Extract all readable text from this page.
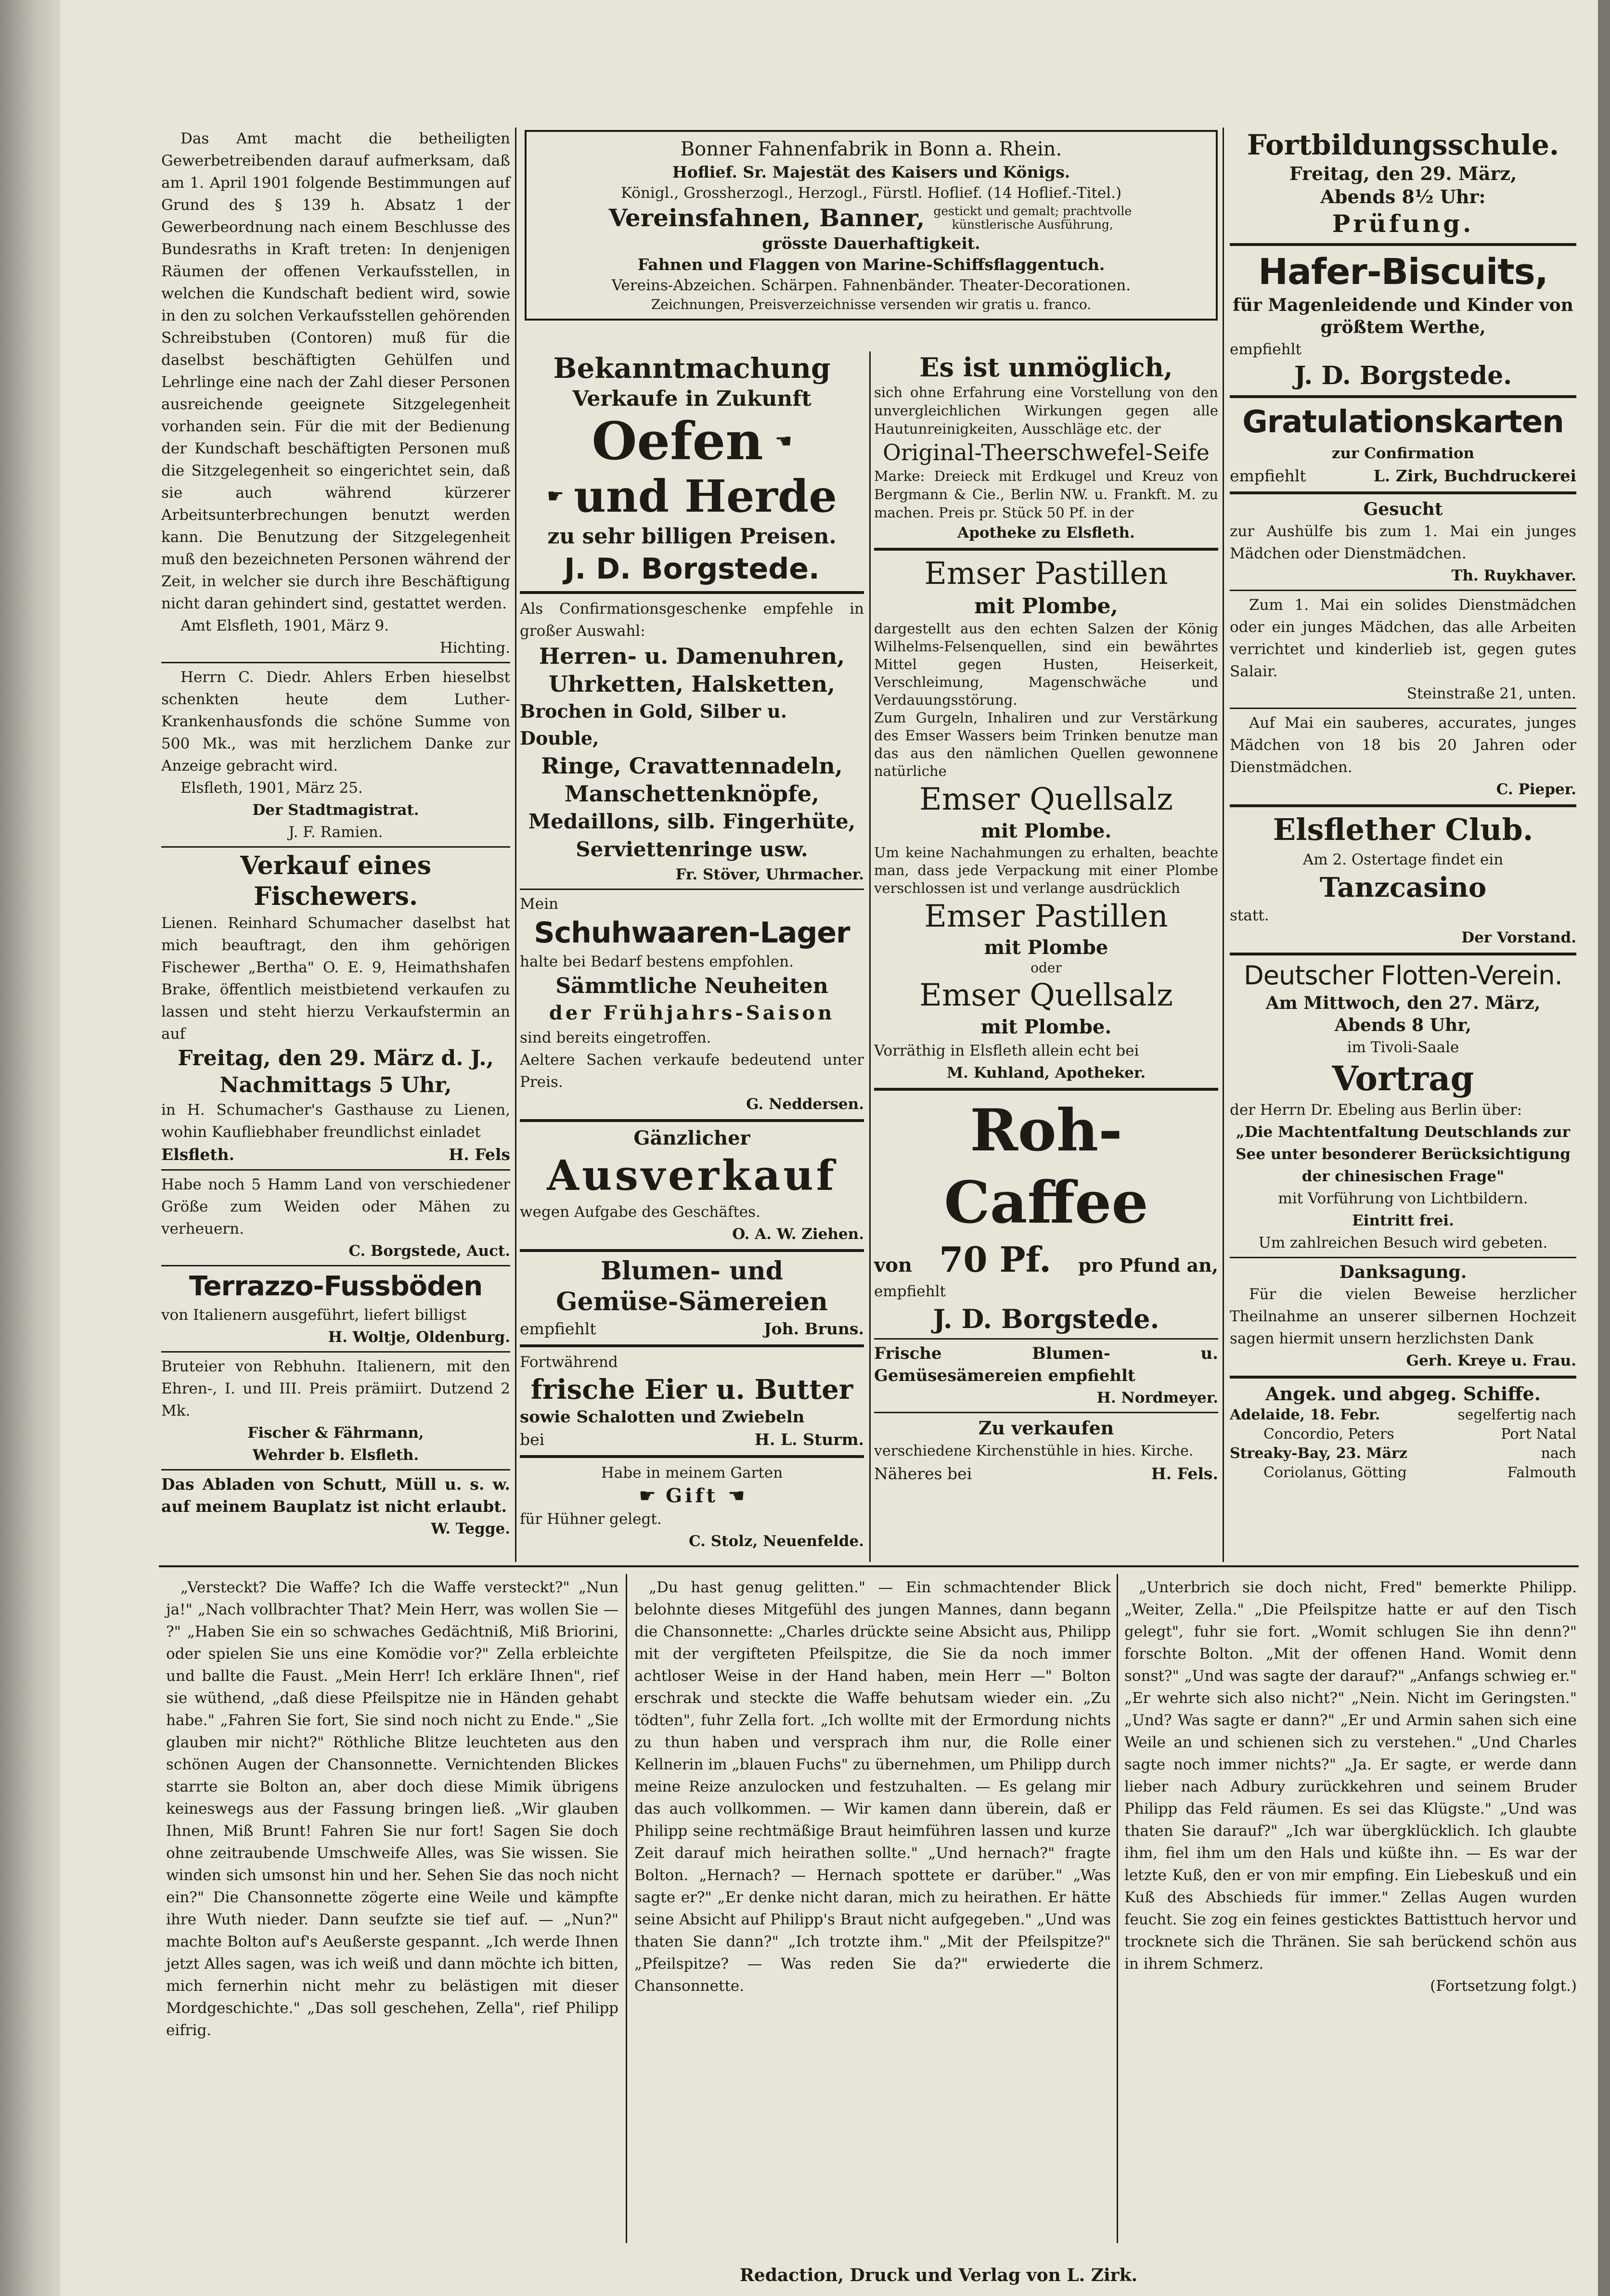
Das Amt macht die betheiligten Gewerbetreibenden darauf aufmerksam, daß am 1. April 1901 folgende Bestimmungen auf Grund des § 139 h. Absatz 1 der Gewerbeordnung nach einem Beschlusse des Bundesraths in Kraft treten: In denjenigen Räumen der offenen Verkaufsstellen, in welchen die Kundschaft bedient wird, sowie in den zu solchen Verkaufsstellen gehörenden Schreibstuben (Contoren) muß für die daselbst beschäftigten Gehülfen und Lehrlinge eine nach der Zahl dieser Personen ausreichende geeignete Sitzgelegenheit vorhanden sein. Für die mit der Bedienung der Kundschaft beschäftigten Personen muß die Sitzgelegenheit so eingerichtet sein, daß sie auch während kürzerer Arbeitsunterbrechungen benutzt werden kann. Die Benutzung der Sitzgelegenheit muß den bezeichneten Personen während der Zeit, in welcher sie durch ihre Beschäftigung nicht daran gehindert sind, gestattet werden.

Amt Elsfleth, 1901, März 9.

Hichting.

Herrn C. Diedr. Ahlers Erben hieselbst schenkten heute dem Luther-Krankenhausfonds die schöne Summe von 500 Mk., was mit herzlichem Danke zur Anzeige gebracht wird.

Elsfleth, 1901, März 25.

Der Stadtmagistrat.

J. F. Ramien.

Verkauf eines Fischewers.

Lienen. Reinhard Schumacher daselbst hat mich beauftragt, den ihm gehörigen Fischewer „Bertha" O. E. 9, Heimathshafen Brake, öffentlich meistbietend verkaufen zu lassen und steht hierzu Verkaufstermin an auf

Freitag, den 29. März d. J.,

Nachmittags 5 Uhr,

in H. Schumacher's Gasthause zu Lienen, wohin Kaufliebhaber freundlichst einladet

Elsfleth.	H. Fels

Habe noch 5 Hamm Land von verschiedener Größe zum Weiden oder Mähen zu verheuern.

C. Borgstede, Auct.

Terrazzo-Fussböden

von Italienern ausgeführt, liefert billigst

H. Woltje, Oldenburg.

Bruteier von Rebhuhn. Italienern, mit den Ehren-, I. und III. Preis prämiirt. Dutzend 2 Mk.

Fischer & Fährmann,

Wehrder b. Elsfleth.

Das Abladen von Schutt, Müll u. s. w. auf meinem Bauplatz ist nicht erlaubt.

W. Tegge.

Bonner Fahnenfabrik in Bonn a. Rhein.
Hoflief. Sr. Majestät des Kaisers und Königs.
Königl., Grossherzogl., Herzogl., Fürstl. Hoflief. (14 Hoflief.-Titel.)
Vereinsfahnen, Banner, gestickt und gemalt; prachtvolle künstlerische Ausführung,
grösste Dauerhaftigkeit.
Fahnen und Flaggen von Marine-Schiffsflaggentuch.
Vereins-Abzeichen. Schärpen. Fahnenbänder. Theater-Decorationen.
Zeichnungen, Preisverzeichnisse versenden wir gratis u. franco.

Bekanntmachung

Verkaufe in Zukunft

Oefen ☚
☛ und Herde

zu sehr billigen Preisen.

J. D. Borgstede.

Als Confirmationsgeschenke empfehle in großer Auswahl:

Herren- u. Damenuhren,

Uhrketten, Halsketten,

Brochen in Gold, Silber u. Double,

Ringe, Cravattennadeln,

Manschettenknöpfe,

Medaillons, silb. Fingerhüte,

Serviettenringe usw.

Fr. Stöver, Uhrmacher.

Mein

Schuhwaaren-Lager

halte bei Bedarf bestens empfohlen.

Sämmtliche Neuheiten

der Frühjahrs-Saison

sind bereits eingetroffen.

Aeltere Sachen verkaufe bedeutend unter Preis.

G. Neddersen.

Gänzlicher

Ausverkauf

wegen Aufgabe des Geschäftes.

O. A. W. Ziehen.

Blumen- und

Gemüse-Sämereien

empfiehlt	Joh. Bruns.

Fortwährend

frische Eier u. Butter

sowie Schalotten und Zwiebeln

bei	H. L. Sturm.

Habe in meinem Garten

☛ Gift ☚

für Hühner gelegt.

C. Stolz, Neuenfelde.

Es ist unmöglich,

sich ohne Erfahrung eine Vorstellung von den unvergleichlichen Wirkungen gegen alle Hautunreinigkeiten, Ausschläge etc. der

Original-Theerschwefel-Seife

Marke: Dreieck mit Erdkugel und Kreuz von Bergmann & Cie., Berlin NW. u. Frankft. M. zu machen. Preis pr. Stück 50 Pf. in der

Apotheke zu Elsfleth.

Emser Pastillen

mit Plombe,

dargestellt aus den echten Salzen der König Wilhelms-Felsenquellen, sind ein bewährtes Mittel gegen Husten, Heiserkeit, Verschleimung, Magenschwäche und Verdauungsstörung.

Zum Gurgeln, Inhaliren und zur Verstärkung des Emser Wassers beim Trinken benutze man das aus den nämlichen Quellen gewonnene natürliche

Emser Quellsalz

mit Plombe.

Um keine Nachahmungen zu erhalten, beachte man, dass jede Verpackung mit einer Plombe verschlossen ist und verlange ausdrücklich

Emser Pastillen

mit Plombe

oder

Emser Quellsalz

mit Plombe.

Vorräthig in Elsfleth allein echt bei

M. Kuhland, Apotheker.

Roh-Caffee

von 70 Pf. pro Pfund an,

empfiehlt

J. D. Borgstede.

Frische Blumen- u. Gemüsesämereien empfiehlt

H. Nordmeyer.

Zu verkaufen

verschiedene Kirchenstühle in hies. Kirche.

Näheres bei	H. Fels.

Fortbildungsschule.

Freitag, den 29. März,

Abends 8½ Uhr:

Prüfung.

Hafer-Biscuits,

für Magenleidende und Kinder von größtem Werthe,

empfiehlt

J. D. Borgstede.

Gratulationskarten

zur Confirmation

empfiehlt	L. Zirk, Buchdruckerei

Gesucht

zur Aushülfe bis zum 1. Mai ein junges Mädchen oder Dienstmädchen.

Th. Ruykhaver.

Zum 1. Mai ein solides Dienstmädchen oder ein junges Mädchen, das alle Arbeiten verrichtet und kinderlieb ist, gegen gutes Salair.

Steinstraße 21, unten.

Auf Mai ein sauberes, accurates, junges Mädchen von 18 bis 20 Jahren oder Dienstmädchen.

C. Pieper.

Elsflether Club.

Am 2. Ostertage findet ein

Tanzcasino

statt.

Der Vorstand.

Deutscher Flotten-Verein.

Am Mittwoch, den 27. März,

Abends 8 Uhr,

im Tivoli-Saale

Vortrag

der Herrn Dr. Ebeling aus Berlin über:

„Die Machtentfaltung Deutschlands zur See unter besonderer Berücksichtigung der chinesischen Frage"

mit Vorführung von Lichtbildern.

Eintritt frei.

Um zahlreichen Besuch wird gebeten.

Danksagung.

Für die vielen Beweise herzlicher Theilnahme an unserer silbernen Hochzeit sagen hiermit unsern herzlichsten Dank

Gerh. Kreye u. Frau.

Angek. und abgeg. Schiffe.

Adelaide, 18. Febr.	segelfertig nach
Concordio, Peters	Port Natal
Streaky-Bay, 23. März	nach
Coriolanus, Götting	Falmouth

„Versteckt? Die Waffe? Ich die Waffe versteckt?" „Nun ja!" „Nach vollbrachter That? Mein Herr, was wollen Sie — ?" „Haben Sie ein so schwaches Gedächtniß, Miß Briorini, oder spielen Sie uns eine Komödie vor?" Zella erbleichte und ballte die Faust. „Mein Herr! Ich erkläre Ihnen", rief sie wüthend, „daß diese Pfeilspitze nie in Händen gehabt habe." „Fahren Sie fort, Sie sind noch nicht zu Ende." „Sie glauben mir nicht?" Röthliche Blitze leuchteten aus den schönen Augen der Chansonnette. Vernichtenden Blickes starrte sie Bolton an, aber doch diese Mimik übrigens keineswegs aus der Fassung bringen ließ. „Wir glauben Ihnen, Miß Brunt! Fahren Sie nur fort! Sagen Sie doch ohne zeitraubende Umschweife Alles, was Sie wissen. Sie winden sich umsonst hin und her. Sehen Sie das noch nicht ein?" Die Chansonnette zögerte eine Weile und kämpfte ihre Wuth nieder. Dann seufzte sie tief auf. — „Nun?" machte Bolton auf's Aeußerste gespannt. „Ich werde Ihnen jetzt Alles sagen, was ich weiß und dann möchte ich bitten, mich fernerhin nicht mehr zu belästigen mit dieser Mordgeschichte." „Das soll geschehen, Zella", rief Philipp eifrig.

„Du hast genug gelitten." — Ein schmachtender Blick belohnte dieses Mitgefühl des jungen Mannes, dann begann die Chansonnette: „Charles drückte seine Absicht aus, Philipp mit der vergifteten Pfeilspitze, die Sie da noch immer achtloser Weise in der Hand haben, mein Herr —" Bolton erschrak und steckte die Waffe behutsam wieder ein. „Zu tödten", fuhr Zella fort. „Ich wollte mit der Ermordung nichts zu thun haben und versprach ihm nur, die Rolle einer Kellnerin im „blauen Fuchs" zu übernehmen, um Philipp durch meine Reize anzulocken und festzuhalten. — Es gelang mir das auch vollkommen. — Wir kamen dann überein, daß er Philipp seine rechtmäßige Braut heimführen lassen und kurze Zeit darauf mich heirathen sollte." „Und hernach?" fragte Bolton. „Hernach? — Hernach spottete er darüber." „Was sagte er?" „Er denke nicht daran, mich zu heirathen. Er hätte seine Absicht auf Philipp's Braut nicht aufgegeben." „Und was thaten Sie dann?" „Ich trotzte ihm." „Mit der Pfeilspitze?" „Pfeilspitze? — Was reden Sie da?" erwiederte die Chansonnette.

„Unterbrich sie doch nicht, Fred" bemerkte Philipp. „Weiter, Zella." „Die Pfeilspitze hatte er auf den Tisch gelegt", fuhr sie fort. „Womit schlugen Sie ihn denn?" forschte Bolton. „Mit der offenen Hand. Womit denn sonst?" „Und was sagte der darauf?" „Anfangs schwieg er." „Er wehrte sich also nicht?" „Nein. Nicht im Geringsten." „Und? Was sagte er dann?" „Er und Armin sahen sich eine Weile an und schienen sich zu verstehen." „Und Charles sagte noch immer nichts?" „Ja. Er sagte, er werde dann lieber nach Adbury zurückkehren und seinem Bruder Philipp das Feld räumen. Es sei das Klügste." „Und was thaten Sie darauf?" „Ich war übergklücklich. Ich glaubte ihm, fiel ihm um den Hals und küßte ihn. — Es war der letzte Kuß, den er von mir empfing. Ein Liebeskuß und ein Kuß des Abschieds für immer." Zellas Augen wurden feucht. Sie zog ein feines gesticktes Battisttuch hervor und trocknete sich die Thränen. Sie sah berückend schön aus in ihrem Schmerz.

(Fortsetzung folgt.)

Redaction, Druck und Verlag von L. Zirk.
